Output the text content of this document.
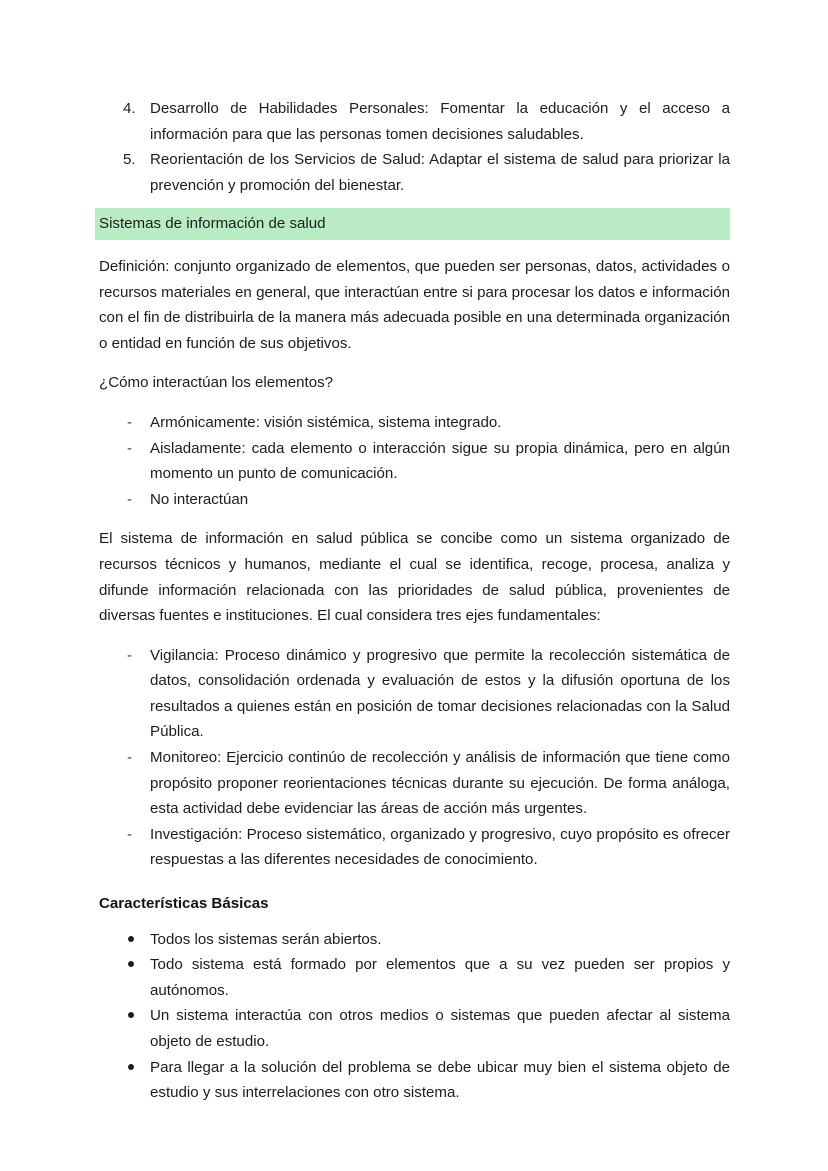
4. Desarrollo de Habilidades Personales: Fomentar la educación y el acceso a información para que las personas tomen decisiones saludables.
5. Reorientación de los Servicios de Salud: Adaptar el sistema de salud para priorizar la prevención y promoción del bienestar.
Sistemas de información de salud

Definición: conjunto organizado de elementos, que pueden ser personas, datos, actividades o recursos materiales en general, que interactúan entre si para procesar los datos e información con el fin de distribuirla de la manera más adecuada posible en una determinada organización o entidad en función de sus objetivos.

¿Cómo interactúan los elementos?

- Armónicamente: visión sistémica, sistema integrado.
- Aisladamente: cada elemento o interacción sigue su propia dinámica, pero en algún momento un punto de comunicación.
- No interactúan

El sistema de información en salud pública se concibe como un sistema organizado de recursos técnicos y humanos, mediante el cual se identifica, recoge, procesa, analiza y difunde información relacionada con las prioridades de salud pública, provenientes de diversas fuentes e instituciones. El cual considera tres ejes fundamentales:

- Vigilancia: Proceso dinámico y progresivo que permite la recolección sistemática de datos, consolidación ordenada y evaluación de estos y la difusión oportuna de los resultados a quienes están en posición de tomar decisiones relacionadas con la Salud Pública.
- Monitoreo: Ejercicio continúo de recolección y análisis de información que tiene como propósito proponer reorientaciones técnicas durante su ejecución. De forma análoga, esta actividad debe evidenciar las áreas de acción más urgentes.
- Investigación: Proceso sistemático, organizado y progresivo, cuyo propósito es ofrecer respuestas a las diferentes necesidades de conocimiento.
Características Básicas
Todos los sistemas serán abiertos.
Todo sistema está formado por elementos que a su vez pueden ser propios y autónomos.
Un sistema interactúa con otros medios o sistemas que pueden afectar al sistema objeto de estudio.
Para llegar a la solución del problema se debe ubicar muy bien el sistema objeto de estudio y sus interrelaciones con otro sistema.
